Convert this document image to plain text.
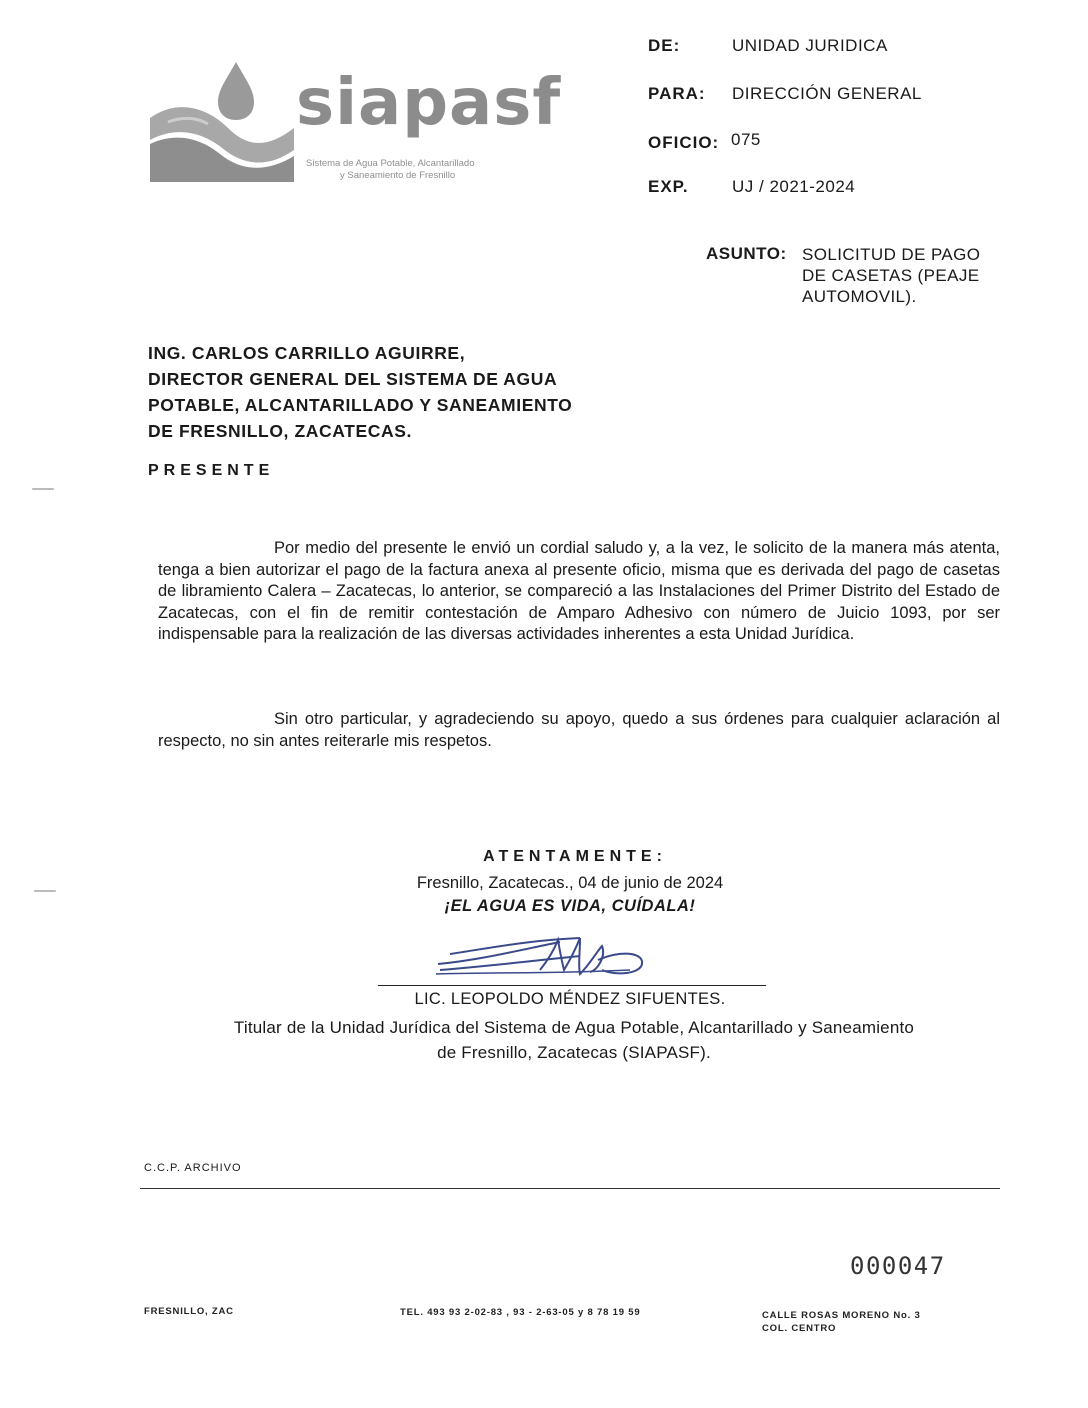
siapasf
Sistema de Agua Potable, Alcantarillado
y Saneamiento de Fresnillo
DE:	UNIDAD JURIDICA
PARA: DIRECCIÓN GENERAL
OFICIO: 075
EXP.	UJ / 2021-2024
ASUNTO: SOLICITUD DE PAGO
DE CASETAS (PEAJE
AUTOMOVIL).
ING. CARLOS CARRILLO AGUIRRE,
DIRECTOR GENERAL DEL SISTEMA DE AGUA
POTABLE, ALCANTARILLADO Y SANEAMIENTO
DE FRESNILLO, ZACATECAS.
PRESENTE
Por medio del presente le envió un cordial saludo y, a la vez, le solicito de la manera más atenta, tenga a bien autorizar el pago de la factura anexa al presente oficio, misma que es derivada del pago de casetas de libramiento Calera – Zacatecas, lo anterior, se compareció a las Instalaciones del Primer Distrito del Estado de Zacatecas, con el fin de remitir contestación de Amparo Adhesivo con número de Juicio 1093, por ser indispensable para la realización de las diversas actividades inherentes a esta Unidad Jurídica.
Sin otro particular, y agradeciendo su apoyo, quedo a sus órdenes para cualquier aclaración al respecto, no sin antes reiterarle mis respetos.
ATENTAMENTE:
Fresnillo, Zacatecas., 04 de junio de 2024
¡EL AGUA ES VIDA, CUÍDALA!
LIC. LEOPOLDO MÉNDEZ SIFUENTES.
Titular de la Unidad Jurídica del Sistema de Agua Potable, Alcantarillado y Saneamiento
de Fresnillo, Zacatecas (SIAPASF).
C.C.P. ARCHIVO
000047
FRESNILLO, ZAC	TEL. 493 93 2-02-83 , 93 - 2-63-05 y 8 78 19 59	CALLE ROSAS MORENO No. 3
COL. CENTRO
